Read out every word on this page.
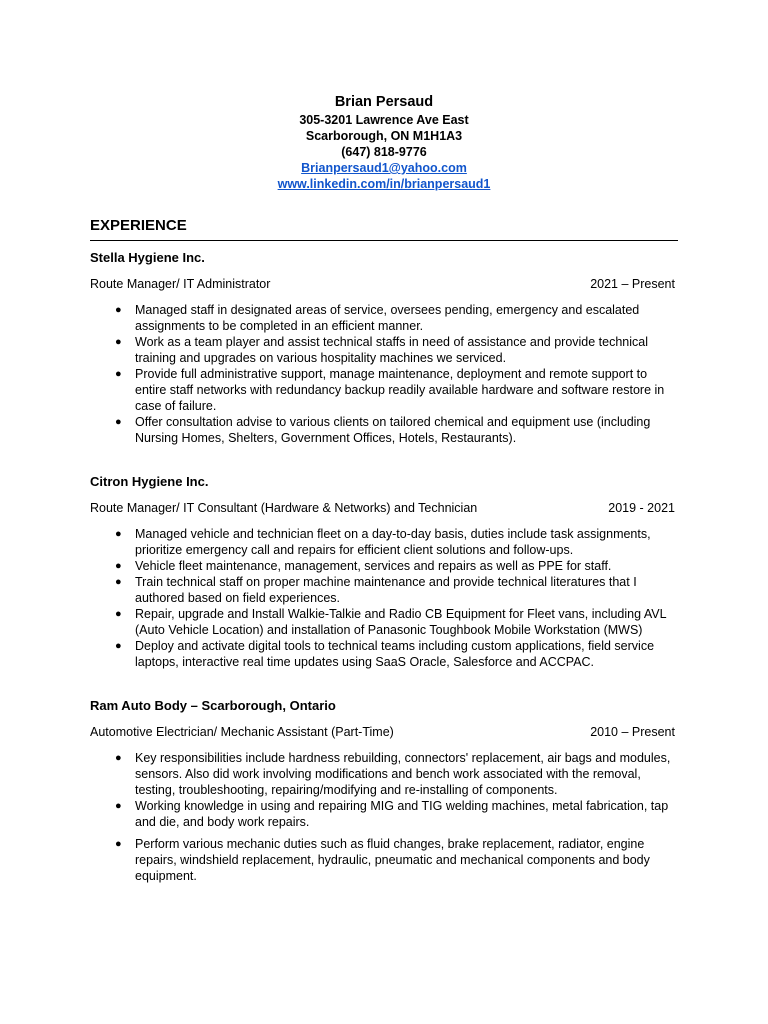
Brian Persaud
305-3201 Lawrence Ave East
Scarborough, ON M1H1A3
(647) 818-9776
Brianpersaud1@yahoo.com
www.linkedin.com/in/brianpersaud1
EXPERIENCE

Stella Hygiene Inc.

Route Manager/ IT Administrator	2021 – Present
● Managed staff in designated areas of service, oversees pending, emergency and escalated assignments to be completed in an efficient manner.
● Work as a team player and assist technical staffs in need of assistance and provide technical training and upgrades on various hospitality machines we serviced.
● Provide full administrative support, manage maintenance, deployment and remote support to entire staff networks with redundancy backup readily available hardware and software restore in case of failure.
● Offer consultation advise to various clients on tailored chemical and equipment use (including Nursing Homes, Shelters, Government Offices, Hotels, Restaurants).

Citron Hygiene Inc.

Route Manager/ IT Consultant (Hardware & Networks) and Technician	2019 - 2021
● Managed vehicle and technician fleet on a day-to-day basis, duties include task assignments, prioritize emergency call and repairs for efficient client solutions and follow-ups.
● Vehicle fleet maintenance, management, services and repairs as well as PPE for staff.
● Train technical staff on proper machine maintenance and provide technical literatures that I authored based on field experiences.
● Repair, upgrade and Install Walkie-Talkie and Radio CB Equipment for Fleet vans, including AVL (Auto Vehicle Location) and installation of Panasonic Toughbook Mobile Workstation (MWS)
● Deploy and activate digital tools to technical teams including custom applications, field service laptops, interactive real time updates using SaaS Oracle, Salesforce and ACCPAC.

Ram Auto Body – Scarborough, Ontario

Automotive Electrician/ Mechanic Assistant (Part-Time)	2010 – Present
● Key responsibilities include hardness rebuilding, connectors' replacement, air bags and modules, sensors. Also did work involving modifications and bench work associated with the removal, testing, troubleshooting, repairing/modifying and re-installing of components.
● Working knowledge in using and repairing MIG and TIG welding machines, metal fabrication, tap and die, and body work repairs.
● Perform various mechanic duties such as fluid changes, brake replacement, radiator, engine repairs, windshield replacement, hydraulic, pneumatic and mechanical components and body equipment.
